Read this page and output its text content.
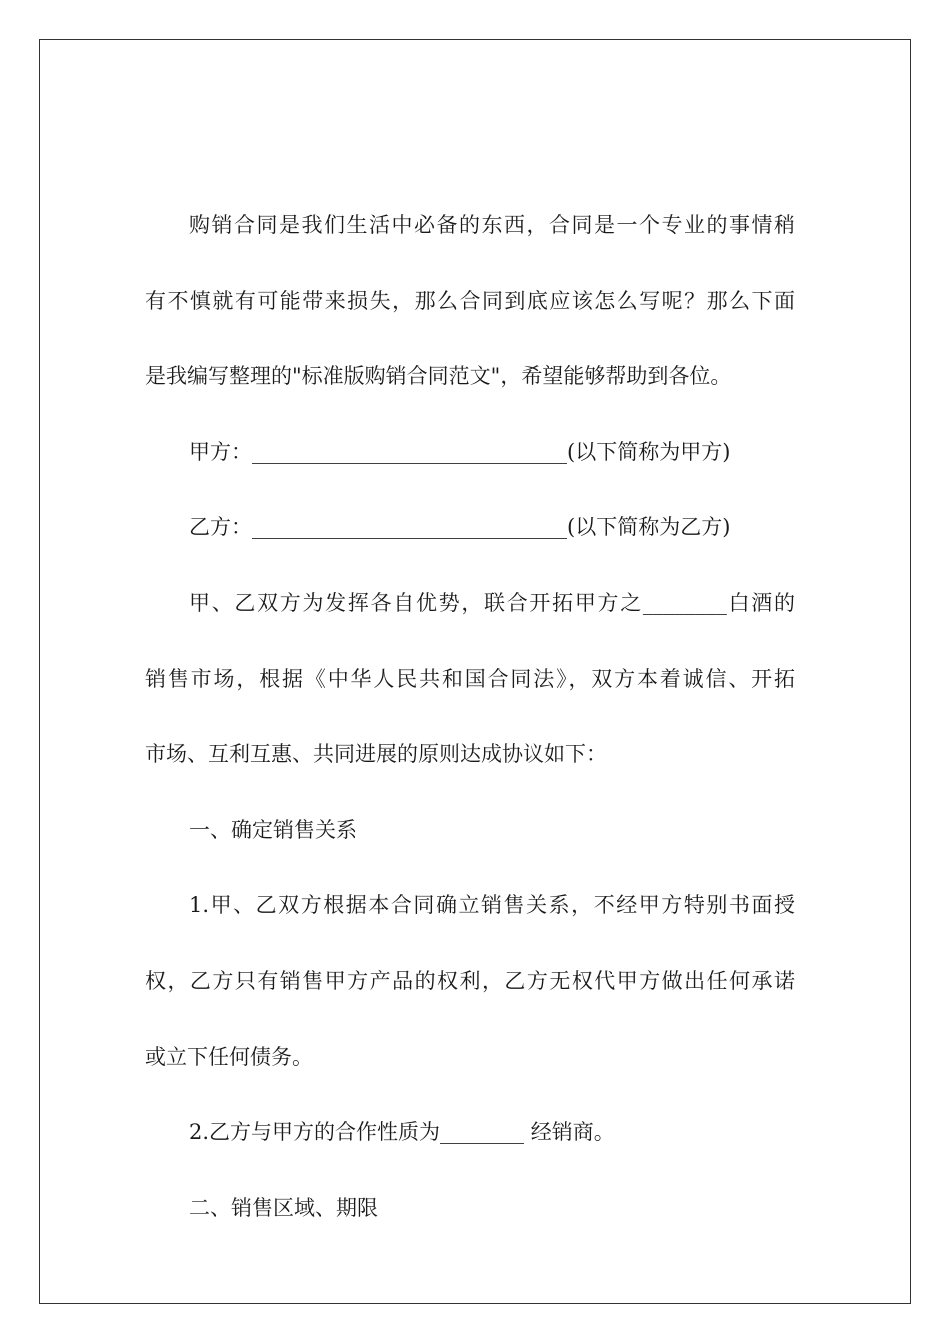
购销合同是我们生活中必备的东西，合同是一个专业的事情稍
有不慎就有可能带来损失，那么合同到底应该怎么写呢？那么下面
是我编写整理的"标准版购销合同范文"，希望能够帮助到各位。
甲方：______________________________(以下简称为甲方)
乙方：______________________________(以下简称为乙方)
甲、乙双方为发挥各自优势，联合开拓甲方之________白酒的
销售市场，根据《中华人民共和国合同法》，双方本着诚信、开拓
市场、互利互惠、共同进展的原则达成协议如下：
一、确定销售关系
1.甲、乙双方根据本合同确立销售关系，不经甲方特别书面授
权，乙方只有销售甲方产品的权利，乙方无权代甲方做出任何承诺
或立下任何债务。
2.乙方与甲方的合作性质为________ 经销商。
二、销售区域、期限
